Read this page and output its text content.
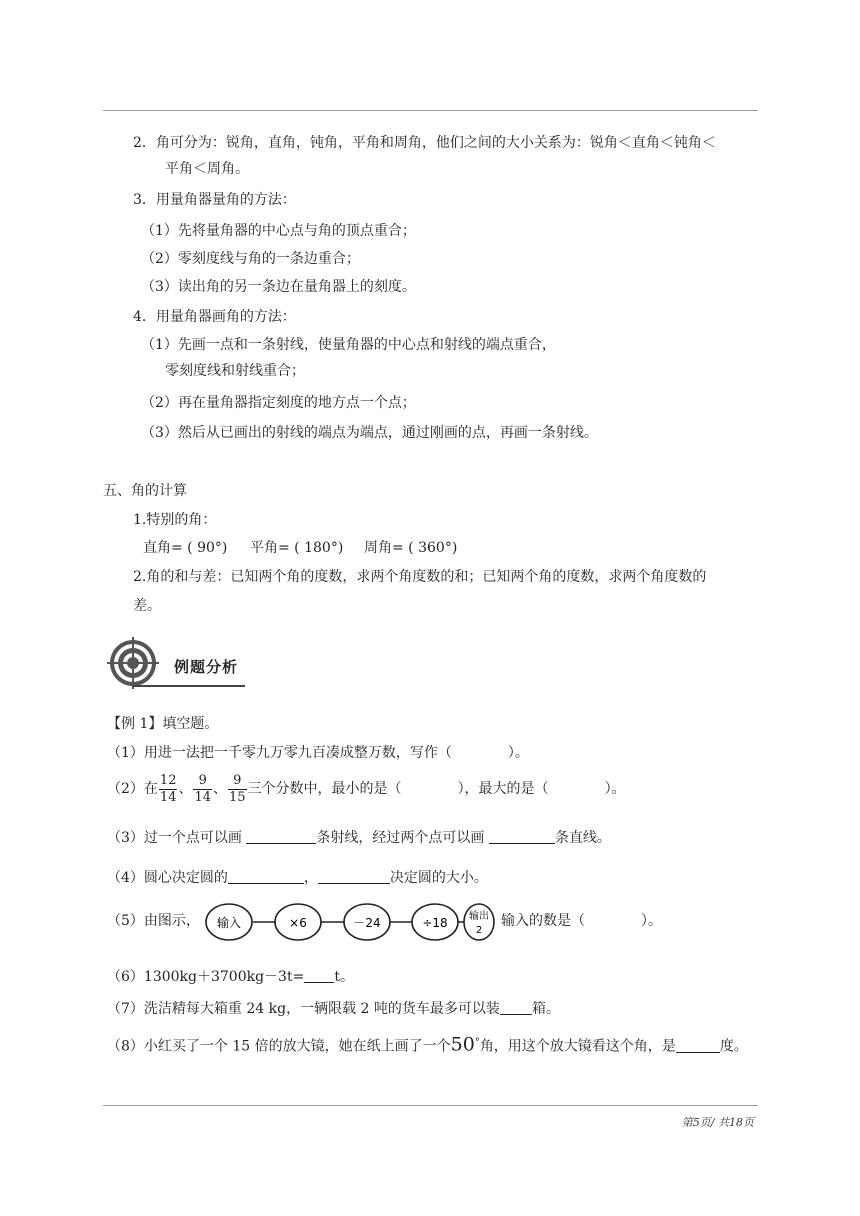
2．角可分为：锐角，直角，钝角，平角和周角，他们之间的大小关系为：锐角＜直角＜钝角＜
平角＜周角。
3．用量角器量角的方法：
（1）先将量角器的中心点与角的顶点重合；
（2）零刻度线与角的一条边重合；
（3）读出角的另一条边在量角器上的刻度。
4．用量角器画角的方法：
（1）先画一点和一条射线，使量角器的中心点和射线的端点重合，
零刻度线和射线重合；
（2）再在量角器指定刻度的地方点一个点；
（3）然后从已画出的射线的端点为端点，通过刚画的点，再画一条射线。
五、角的计算
1.特别的角：
直角= ( 90°) 平角= ( 180°) 周角= ( 360°)
2.角的和与差：已知两个角的度数，求两个角度数的和；已知两个角的度数，求两个角度数的
差。
例题分析
【例 1】填空题。
（1）用进一法把一千零九万零九百凑成整万数，写作（	）。
（2）在 $\frac{12}{14}$ 、 $\frac{9}{14}$ 、 $\frac{9}{15}$ 三个分数中，最小的是（	），最大的是（	）。
（3）过一个点可以画	条射线，经过两个点可以画	条直线。
（4）圆心决定圆的	，	决定圆的大小。
（5）由图示， 输入	×6	－24	÷18 输出
2
输入的数是（	）。
（6）1300kg＋3700kg－3t= t。
（7）洗洁精每大箱重 24 kg，一辆限载 2 吨的货车最多可以装 箱。
（8）小红买了一个 15 倍的放大镜，她在纸上画了一个50°角，用这个放大镜看这个角，是	度。
第5页/ 共18页
